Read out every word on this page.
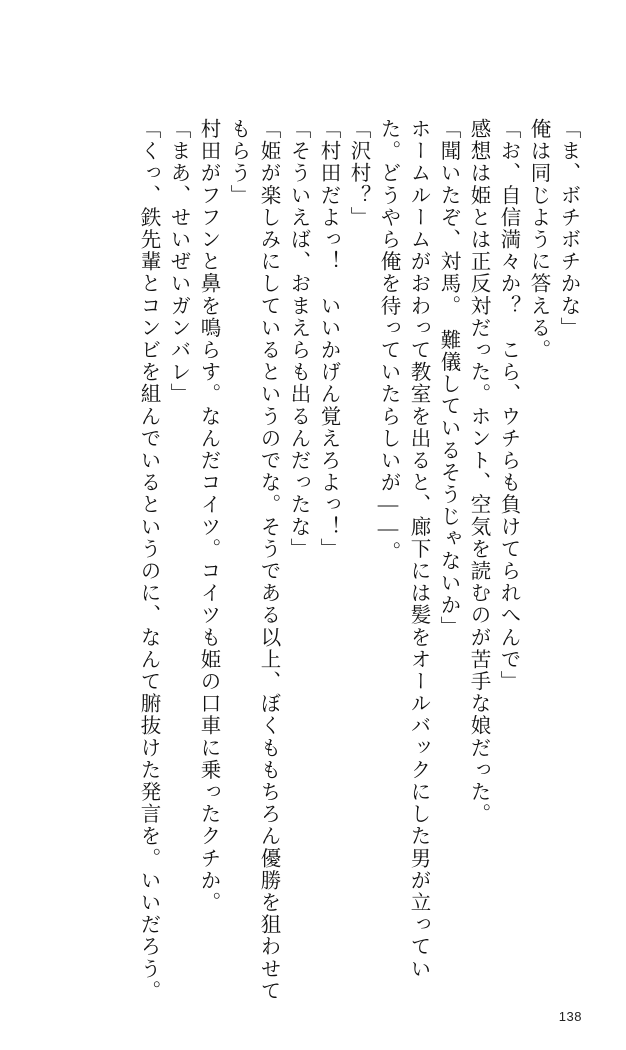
「ま、ボチボチかな」
俺は同じように答える。
「お、自信満々か？　こら、ウチらも負けてられへんで」
感想は姫とは正反対だった。ホント、空気を読むのが苦手な娘だった。
「聞いたぞ、対馬。　難儀しているそうじゃないか」
ホームルームがおわって教室を出ると、廊下には髪をオールバックにした男が立ってい
た。どうやら俺を待っていたらしいが――。
「沢村？」
「村田だよっ！　いいかげん覚えろよっ！」
「そういえば、おまえらも出るんだったな」
「姫が楽しみにしているというのでな。そうである以上、ぼくももちろん優勝を狙わせて
もらう」
村田がフフンと鼻を鳴らす。なんだコイツ。コイツも姫の口車に乗ったクチか。
「まあ、せいぜいガンバレ」
「くっ、鉄先輩とコンビを組んでいるというのに、なんて腑抜けた発言を。いいだろう。
138
